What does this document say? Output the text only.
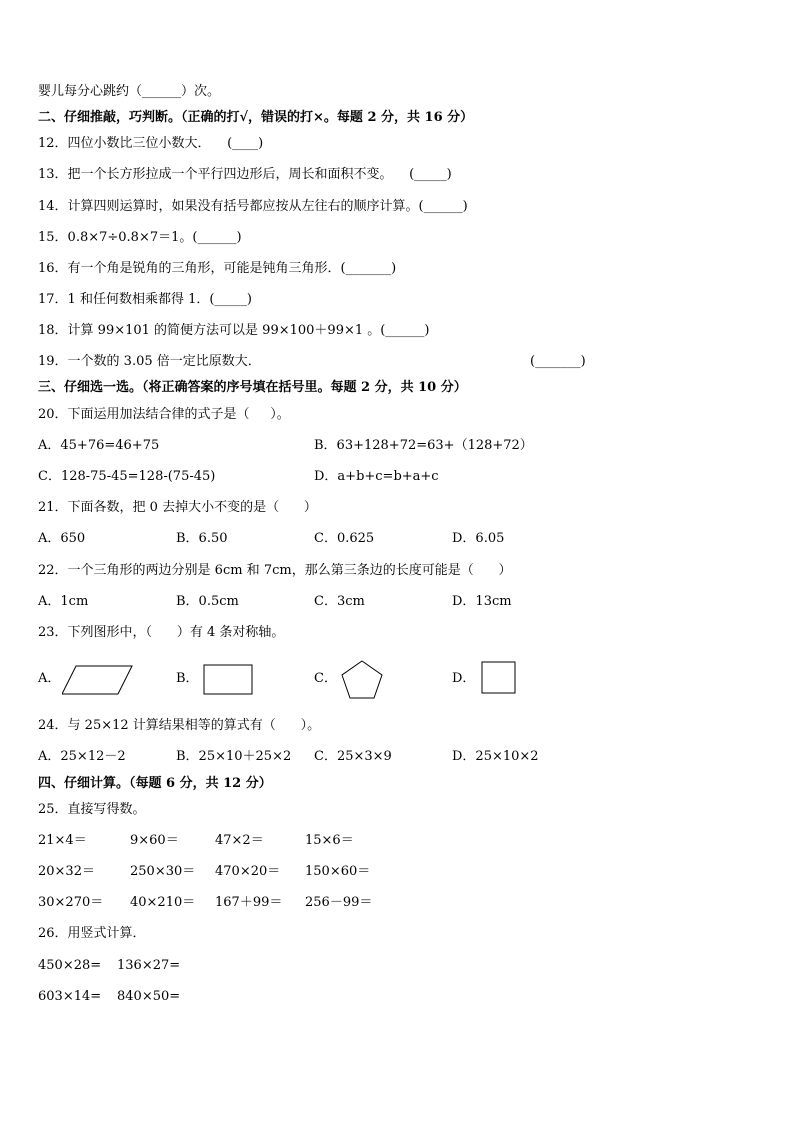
婴儿每分心跳约（______）次。
二、仔细推敲，巧判断。（正确的打√，错误的打×。每题 2 分，共 16 分）
12．四位小数比三位小数大．    (____)
13．把一个长方形拉成一个平行四边形后，周长和面积不变。    (_____)
14．计算四则运算时，如果没有括号都应按从左往右的顺序计算。(______)
15．0.8×7÷0.8×7＝1。(______)
16．有一个角是锐角的三角形，可能是钝角三角形．(_______)
17．1 和任何数相乘都得 1．(_____)
18．计算 99×101 的简便方法可以是 99×100＋99×1 。(______)
19．一个数的 3.05 倍一定比原数大．	(_______)
三、仔细选一选。（将正确答案的序号填在括号里。每题 2 分，共 10 分）
20．下面运用加法结合律的式子是（     ）。
A．45+76=46+75	B．63+128+72=63+（128+72）
C．128-75-45=128-(75-45)	D．a+b+c=b+a+c
21．下面各数，把 0 去掉大小不变的是（      ）
A．650	B．6.50	C．0.625	D．6.05
22．一个三角形的两边分别是 6cm 和 7cm，那么第三条边的长度可能是（      ）
A．1cm	B．0.5cm	C．3cm	D．13cm
23．下列图形中，（      ）有 4 条对称轴。
A．	B．	C．	D．
24．与 25×12 计算结果相等的算式有（      ）。
A．25×12－2	B．25×10＋25×2 C．25×3×9	D．25×10×2
四、仔细计算。（每题 6 分，共 12 分）
25．直接写得数。
21×4＝	9×60＝	47×2＝	15×6＝
20×32＝	250×30＝ 470×20＝ 150×60＝
30×270＝ 40×210＝ 167＋99＝ 256－99＝
26．用竖式计算．
450×28= 136×27=
603×14= 840×50=
